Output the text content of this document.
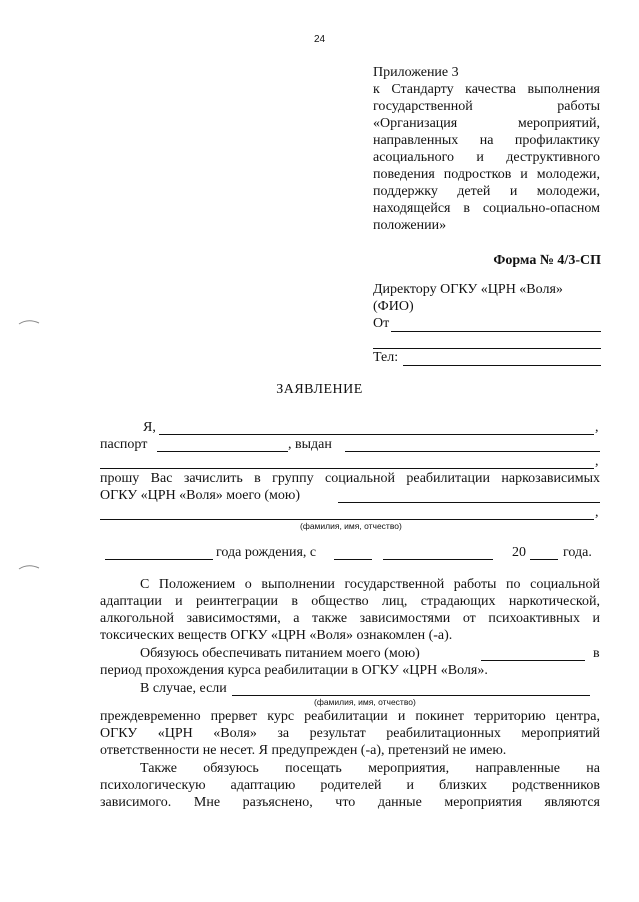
24
Приложение 3
к Стандарту качества выполнения
государственной работы
«Организация мероприятий,
направленных на профилактику
асоциального и деструктивного
поведения подростков и молодежи,
поддержку детей и молодежи,
находящейся в социально-опасном
положении»
Форма № 4/3-СП
Директору ОГКУ «ЦРН «Воля»
(ФИО)
От
Тел:
ЗАЯВЛЕНИЕ
Я,	,
паспорт	, выдан
,
прошу Вас зачислить в группу социальной реабилитации наркозависимых
ОГКУ «ЦРН «Воля» моего (мою)
,
(фамилия, имя, отчество)
года рождения, с	20	года.
С Положением о выполнении государственной работы по социальной
адаптации и реинтеграции в общество лиц, страдающих наркотической,
алкогольной зависимостями, а также зависимостями от психоактивных и
токсических веществ ОГКУ «ЦРН «Воля» ознакомлен (-а).
Обязуюсь обеспечивать питанием моего (мою)	в
период прохождения курса реабилитации в ОГКУ «ЦРН «Воля».
В случае, если
(фамилия, имя, отчество)
преждевременно прервет курс реабилитации и покинет территорию центра,
ОГКУ «ЦРН «Воля» за результат реабилитационных мероприятий
ответственности не несет. Я предупрежден (-а), претензий не имею.
Также обязуюсь посещать мероприятия, направленные на
психологическую адаптацию родителей и близких родственников
зависимого. Мне разъяснено, что данные мероприятия являются
